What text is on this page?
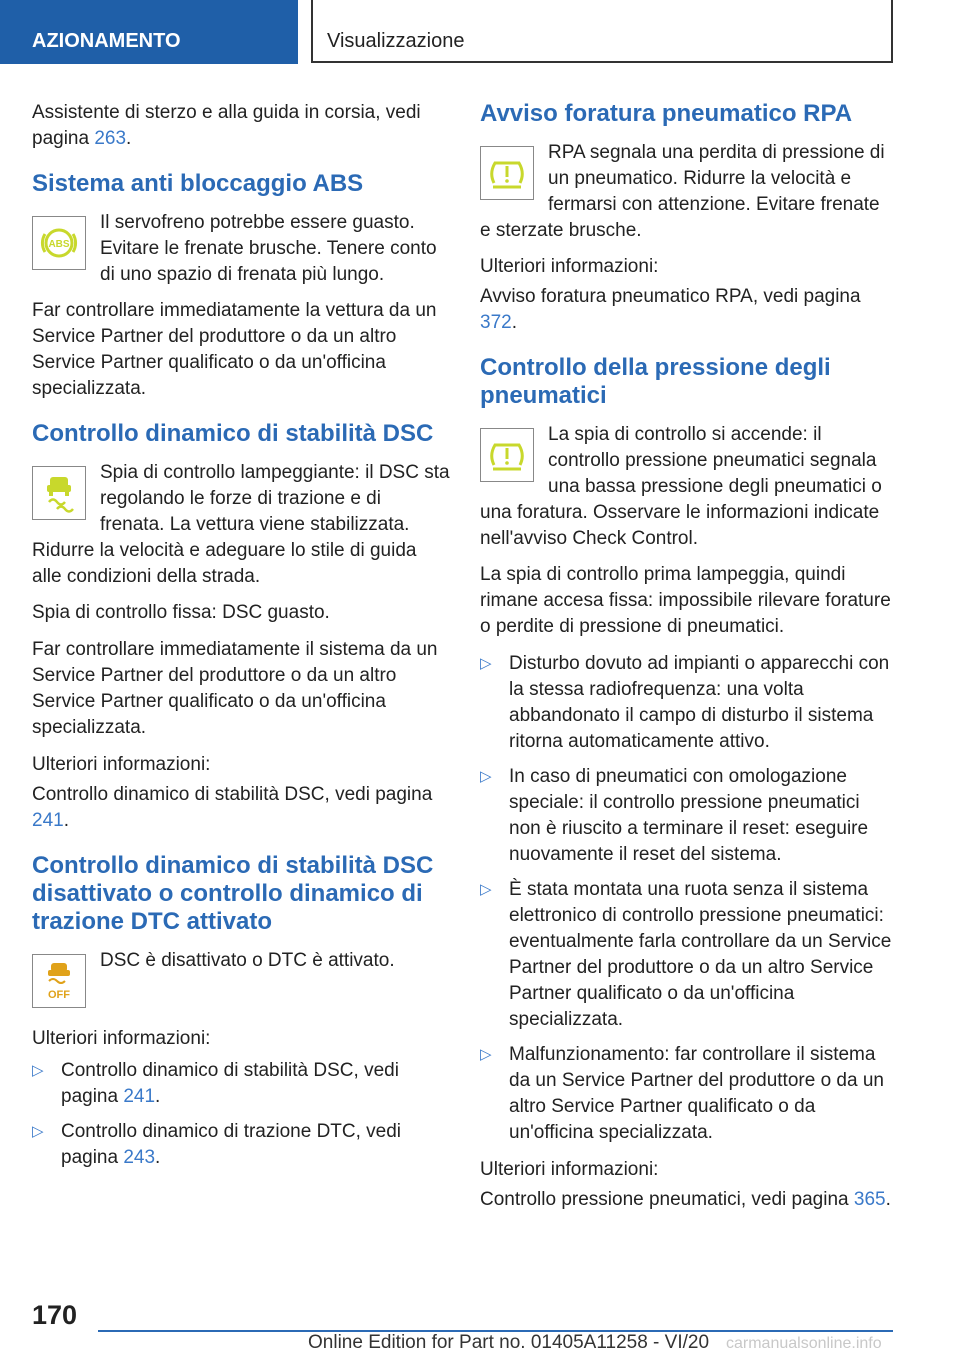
AZIONAMENTO	Visualizzazione

Assistente di sterzo e alla guida in corsia, vedi pagina 263.

Sistema anti bloccaggio ABS
ABS
Il servofreno potrebbe essere guasto. Evitare le frenate brusche. Tenere conto di uno spazio di frenata più lungo.

Far controllare immediatamente la vettura da un Service Partner del produttore o da un altro Service Partner qualificato o da un'officina specializzata.

Controllo dinamico di stabilità DSC
Spia di controllo lampeggiante: il DSC sta regolando le forze di trazione e di frenata. La vettura viene stabilizzata. Ridurre la velocità e adeguare lo stile di guida alle condizioni della strada.

Spia di controllo fissa: DSC guasto.

Far controllare immediatamente il sistema da un Service Partner del produttore o da un altro Service Partner qualificato o da un'officina specializzata.

Ulteriori informazioni:

Controllo dinamico di stabilità DSC, vedi pagina 241.

Controllo dinamico di stabilità DSC disattivato o controllo dinamico di trazione DTC attivato
OFF
DSC è disattivato o DTC è attivato.

Ulteriori informazioni:

▷ Controllo dinamico di stabilità DSC, vedi pagina 241.
▷ Controllo dinamico di trazione DTC, vedi pagina 243.
Avviso foratura pneumatico RPA
RPA segnala una perdita di pressione di un pneumatico. Ridurre la velocità e fermarsi con attenzione. Evitare frenate e sterzate brusche.

Ulteriori informazioni:

Avviso foratura pneumatico RPA, vedi pagina 372.

Controllo della pressione degli pneumatici
La spia di controllo si accende: il controllo pressione pneumatici segnala una bassa pressione degli pneumatici o una foratura. Osservare le informazioni indicate nell'avviso Check Control.

La spia di controllo prima lampeggia, quindi rimane accesa fissa: impossibile rilevare forature o perdite di pressione di pneumatici.

▷ Disturbo dovuto ad impianti o apparecchi con la stessa radiofrequenza: una volta abbandonato il campo di disturbo il sistema ritorna automaticamente attivo.
▷ In caso di pneumatici con omologazione speciale: il controllo pressione pneumatici non è riuscito a terminare il reset: eseguire nuovamente il reset del sistema.
▷ È stata montata una ruota senza il sistema elettronico di controllo pressione pneumatici: eventualmente farla controllare da un Service Partner del produttore o da un altro Service Partner qualificato o da un'officina specializzata.
▷ Malfunzionamento: far controllare il sistema da un Service Partner del produttore o da un altro Service Partner qualificato o da un'officina specializzata.

Ulteriori informazioni:

Controllo pressione pneumatici, vedi pagina 365.

170
Online Edition for Part no. 01405A11258 - VI/20 carmanualsonline.info
